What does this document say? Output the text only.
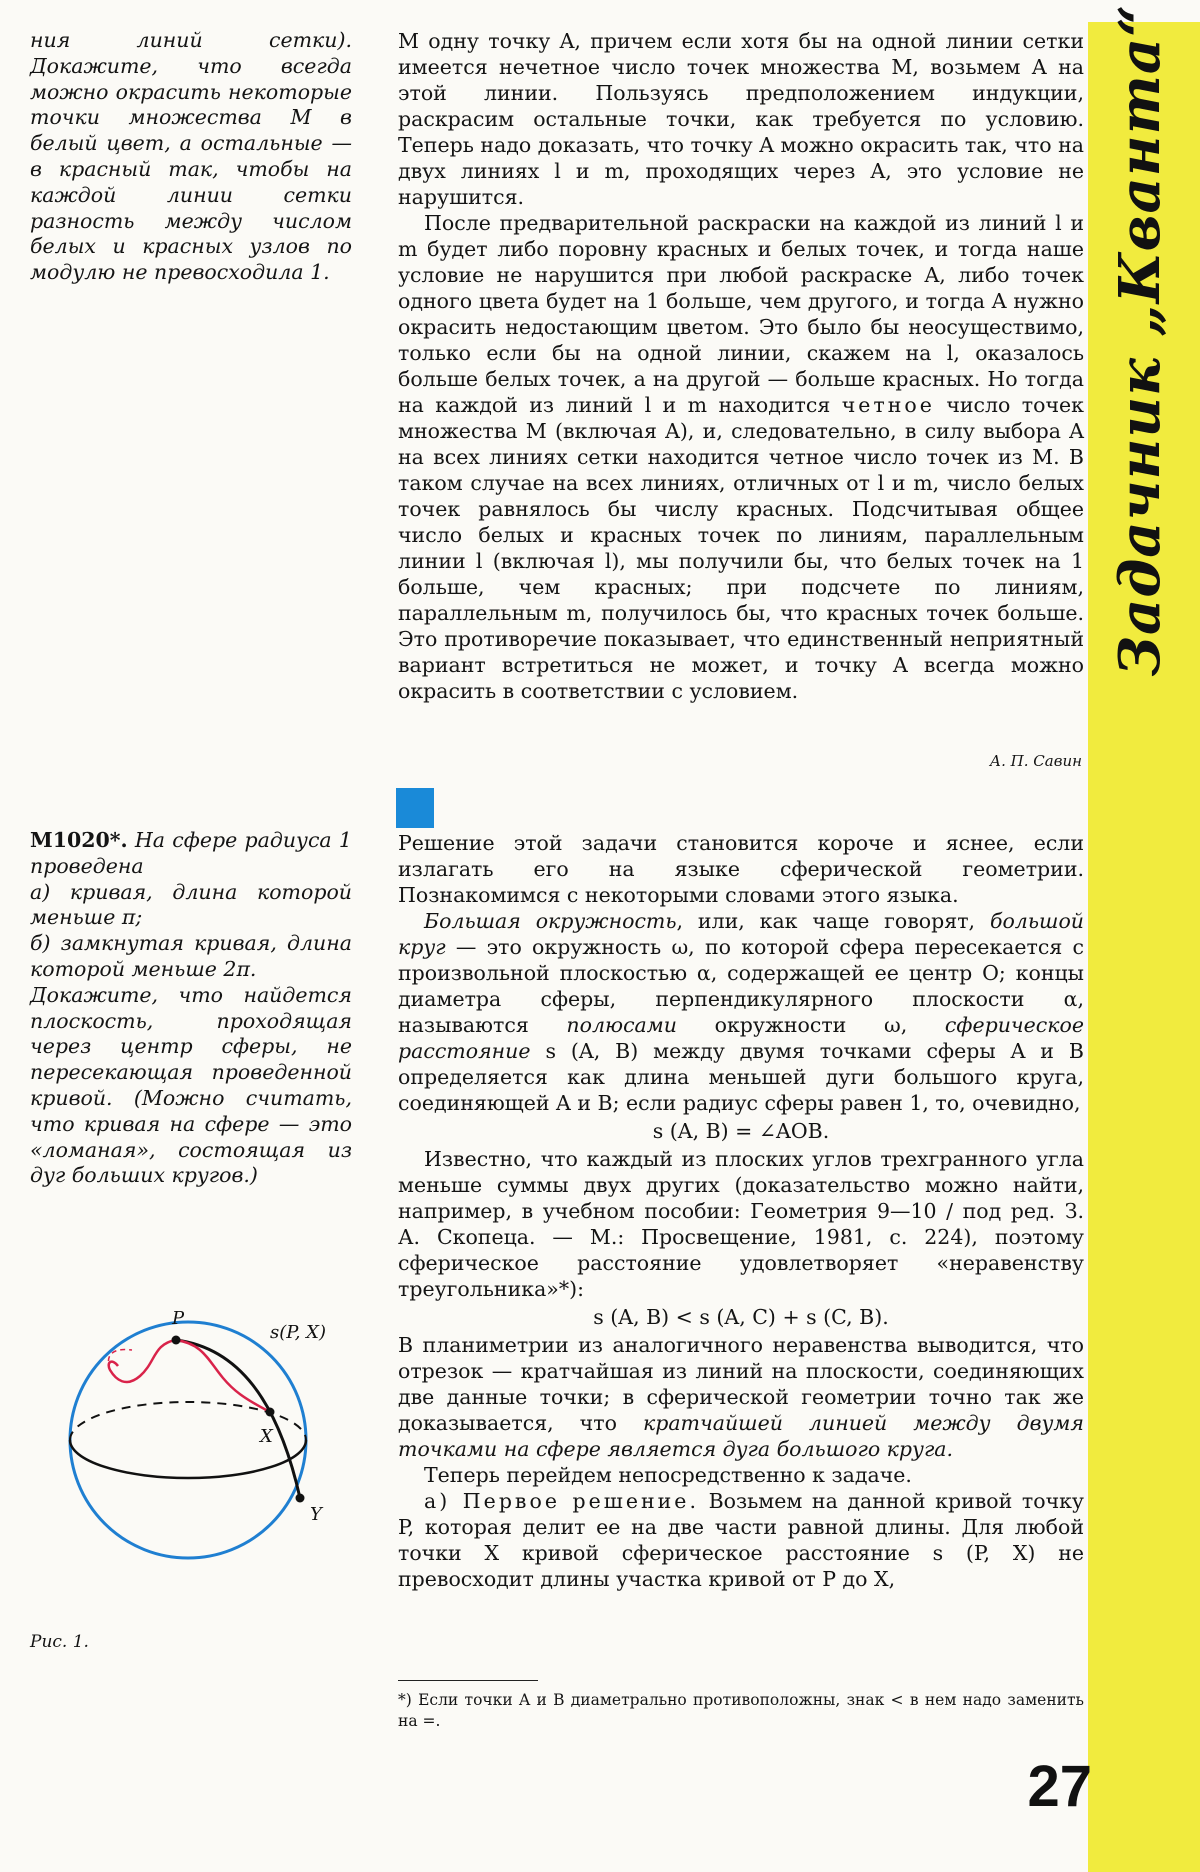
ния линий сетки). Докажите, что всегда можно окрасить некоторые точки множества M в белый цвет, а остальные — в красный так, чтобы на каждой линии сетки разность между числом белых и красных узлов по модулю не превосходила 1.

M1020*. На сфере радиуса 1 проведена

а) кривая, длина которой меньше π;

б) замкнутая кривая, длина которой меньше 2π.

Докажите, что найдется плоскость, проходящая через центр сферы, не пересекающая проведенной кривой. (Можно считать, что кривая на сфере — это «ломаная», состоящая из дуг больших кругов.)

P
X
Y
s(P, X)
Рис. 1.

M одну точку A, причем если хотя бы на одной линии сетки имеется нечетное число точек множества M, возьмем A на этой линии. Пользуясь предположением индукции, раскрасим остальные точки, как требуется по условию. Теперь надо доказать, что точку A можно окрасить так, что на двух линиях l и m, проходящих через A, это условие не нарушится.

После предварительной раскраски на каждой из линий l и m будет либо поровну красных и белых точек, и тогда наше условие не нарушится при любой раскраске A, либо точек одного цвета будет на 1 больше, чем другого, и тогда A нужно окрасить недостающим цветом. Это было бы неосуществимо, только если бы на одной линии, скажем на l, оказалось больше белых точек, а на другой — больше красных. Но тогда на каждой из линий l и m находится четное число точек множества M (включая A), и, следовательно, в силу выбора A на всех линиях сетки находится четное число точек из M. В таком случае на всех линиях, отличных от l и m, число белых точек равнялось бы числу красных. Подсчитывая общее число белых и красных точек по линиям, параллельным линии l (включая l), мы получили бы, что белых точек на 1 больше, чем красных; при подсчете по линиям, параллельным m, получилось бы, что красных точек больше. Это противоречие показывает, что единственный неприятный вариант встретиться не может, и точку A всегда можно окрасить в соответствии с условием.

А. П. Савин

Решение этой задачи становится короче и яснее, если излагать его на языке сферической геометрии. Познакомимся с некоторыми словами этого языка.

Большая окружность, или, как чаще говорят, большой круг — это окружность ω, по которой сфера пересекается с произвольной плоскостью α, содержащей ее центр O; концы диаметра сферы, перпендикулярного плоскости α, называются полюсами окружности ω, сферическое расстояние s (A, B) между двумя точками сферы A и B определяется как длина меньшей дуги большого круга, соединяющей A и B; если радиус сферы равен 1, то, очевидно,

s (A, B) = ∠AOB.

Известно, что каждый из плоских углов трехгранного угла меньше суммы двух других (доказательство можно найти, например, в учебном пособии: Геометрия 9—10 / под ред. З. А. Скопеца. — М.: Просвещение, 1981, с. 224), поэтому сферическое расстояние удовлетворяет «неравенству треугольника»*):

s (A, B) < s (A, C) + s (C, B).

В планиметрии из аналогичного неравенства выводится, что отрезок — кратчайшая из линий на плоскости, соединяющих две данные точки; в сферической геометрии точно так же доказывается, что кратчайшей линией между двумя точками на сфере является дуга большого круга.

Теперь перейдем непосредственно к задаче.

а) Первое решение. Возьмем на данной кривой точку P, которая делит ее на две части равной длины. Для любой точки X кривой сферическое расстояние s (P, X) не превосходит длины участка кривой от P до X,

*) Если точки A и B диаметрально противоположны, знак < в нем надо заменить на =.
Задачник „Кванта“
27
